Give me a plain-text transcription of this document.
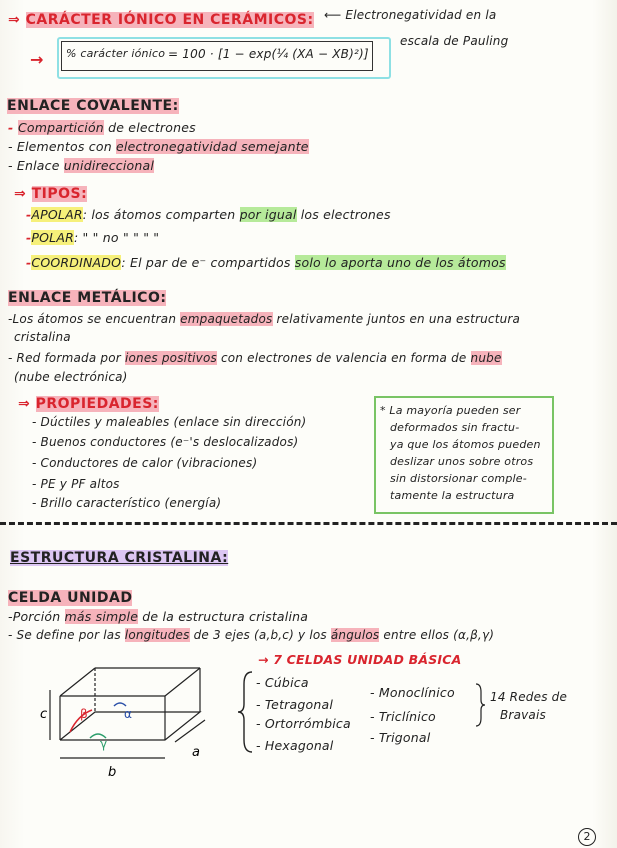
⇒ CARÁCTER IÓNICO EN CERÁMICOS: ⟵ Electronegatividad en la
escala de Pauling
→ % carácter iónico = 100 · [1 − exp(¼ (XA − XB)²)]
ENLACE COVALENTE:
- Compartición de electrones
- Elementos con electronegatividad semejante
- Enlace unidireccional
⇒ TIPOS:
-APOLAR: los átomos comparten por igual los electrones
-POLAR: " " no " " " "
-COORDINADO: El par de e⁻ compartidos solo lo aporta uno de los átomos
ENLACE METÁLICO:
-Los átomos se encuentran empaquetados relativamente juntos en una estructura
cristalina
- Red formada por iones positivos con electrones de valencia en forma de nube
(nube electrónica)
⇒ PROPIEDADES:
- Dúctiles y maleables (enlace sin dirección)
- Buenos conductores (e⁻'s deslocalizados)
- Conductores de calor (vibraciones)
- PE y PF altos
- Brillo característico (energía)
* La mayoría pueden ser
deformados sin fractu-
ya que los átomos pueden
deslizar unos sobre otros
sin distorsionar comple-
tamente la estructura
ESTRUCTURA CRISTALINA:
CELDA UNIDAD
-Porción más simple de la estructura cristalina
- Se define por las longitudes de 3 ejes (a,b,c) y los ángulos entre ellos (α,β,γ)
→ 7 CELDAS UNIDAD BÁSICA
c
b
a
β
γ
α
- Cúbica
- Tetragonal
- Ortorrómbica
- Hexagonal
- Monoclínico
- Triclínico
- Trigonal
14 Redes de
Bravais
2
